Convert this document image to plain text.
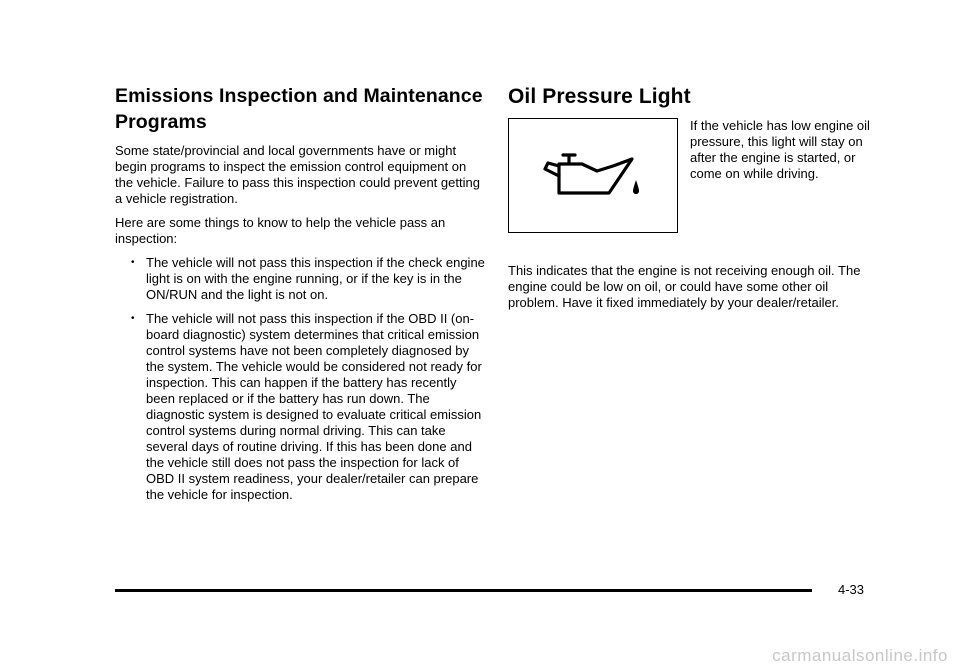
Emissions Inspection and Maintenance Programs

Some state/provincial and local governments have or might begin programs to inspect the emission control equipment on the vehicle. Failure to pass this inspection could prevent getting a vehicle registration.

Here are some things to know to help the vehicle pass an inspection:

• The vehicle will not pass this inspection if the check engine light is on with the engine running, or if the key is in the ON/RUN and the light is not on.
• The vehicle will not pass this inspection if the OBD II (on-board diagnostic) system determines that critical emission control systems have not been completely diagnosed by the system. The vehicle would be considered not ready for inspection. This can happen if the battery has recently been replaced or if the battery has run down. The diagnostic system is designed to evaluate critical emission control systems during normal driving. This can take several days of routine driving. If this has been done and the vehicle still does not pass the inspection for lack of OBD II system readiness, your dealer/retailer can prepare the vehicle for inspection.
Oil Pressure Light
If the vehicle has low engine oil pressure, this light will stay on after the engine is started, or come on while driving.

This indicates that the engine is not receiving enough oil. The engine could be low on oil, or could have some other oil problem. Have it fixed immediately by your dealer/retailer.

4-33
carmanualsonline.info
